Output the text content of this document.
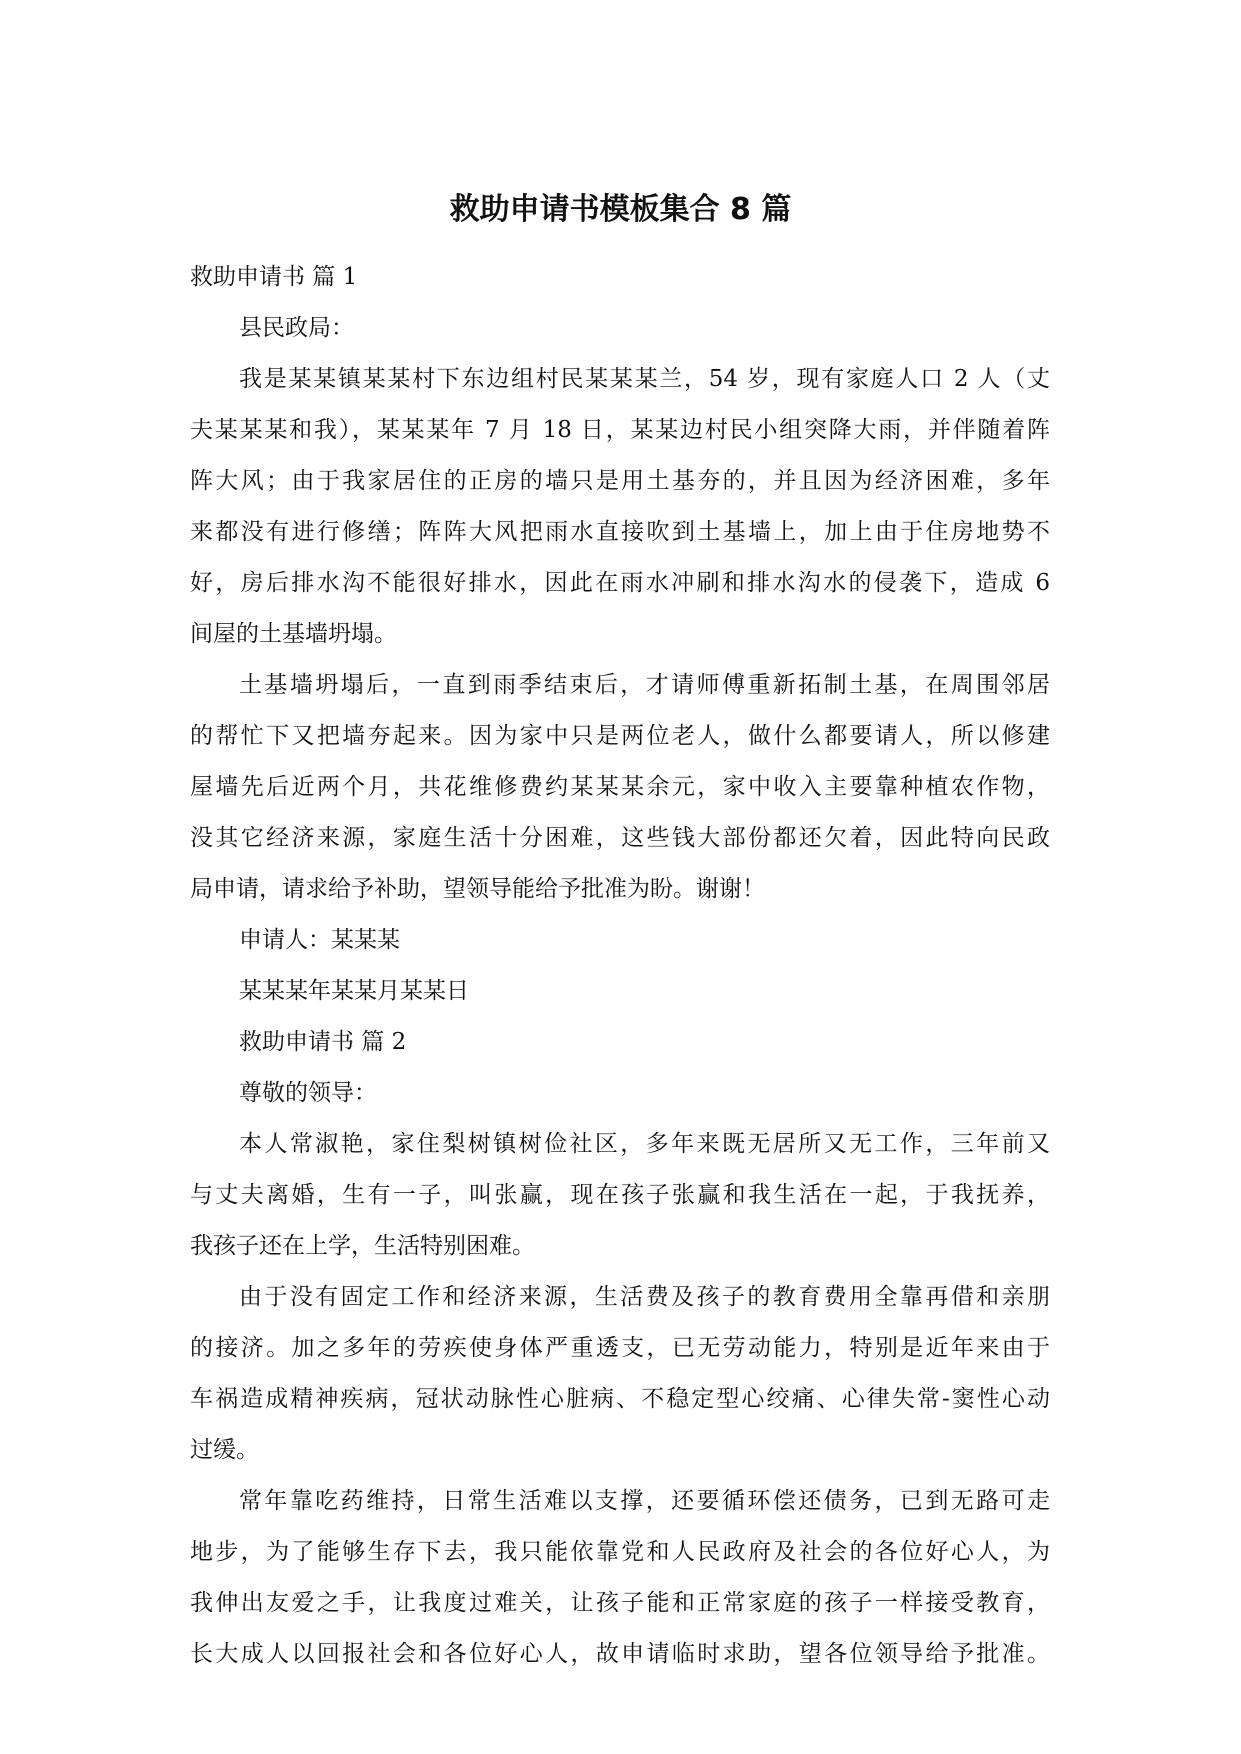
救助申请书模板集合 8 篇
救助申请书 篇 1
县民政局：
我是某某镇某某村下东边组村民某某某兰，54 岁，现有家庭人口 2 人（丈
夫某某某和我），某某某年 7 月 18 日，某某边村民小组突降大雨，并伴随着阵
阵大风；由于我家居住的正房的墙只是用土基夯的，并且因为经济困难，多年
来都没有进行修缮；阵阵大风把雨水直接吹到土基墙上，加上由于住房地势不
好，房后排水沟不能很好排水，因此在雨水冲刷和排水沟水的侵袭下，造成 6
间屋的土基墙坍塌。
土基墙坍塌后，一直到雨季结束后，才请师傅重新拓制土基，在周围邻居
的帮忙下又把墙夯起来。因为家中只是两位老人，做什么都要请人，所以修建
屋墙先后近两个月，共花维修费约某某某余元，家中收入主要靠种植农作物，
没其它经济来源，家庭生活十分困难，这些钱大部份都还欠着，因此特向民政
局申请，请求给予补助，望领导能给予批准为盼。谢谢！
申请人：某某某
某某某年某某月某某日
救助申请书 篇 2
尊敬的领导：
本人常淑艳，家住梨树镇树俭社区，多年来既无居所又无工作，三年前又
与丈夫离婚，生有一子，叫张赢，现在孩子张赢和我生活在一起，于我抚养，
我孩子还在上学，生活特别困难。
由于没有固定工作和经济来源，生活费及孩子的教育费用全靠再借和亲朋
的接济。加之多年的劳疾使身体严重透支，已无劳动能力，特别是近年来由于
车祸造成精神疾病，冠状动脉性心脏病、不稳定型心绞痛、心律失常-窦性心动
过缓。
常年靠吃药维持，日常生活难以支撑，还要循环偿还债务，已到无路可走
地步，为了能够生存下去，我只能依靠党和人民政府及社会的各位好心人，为
我伸出友爱之手，让我度过难关，让孩子能和正常家庭的孩子一样接受教育，
长大成人以回报社会和各位好心人，故申请临时求助，望各位领导给予批准。
